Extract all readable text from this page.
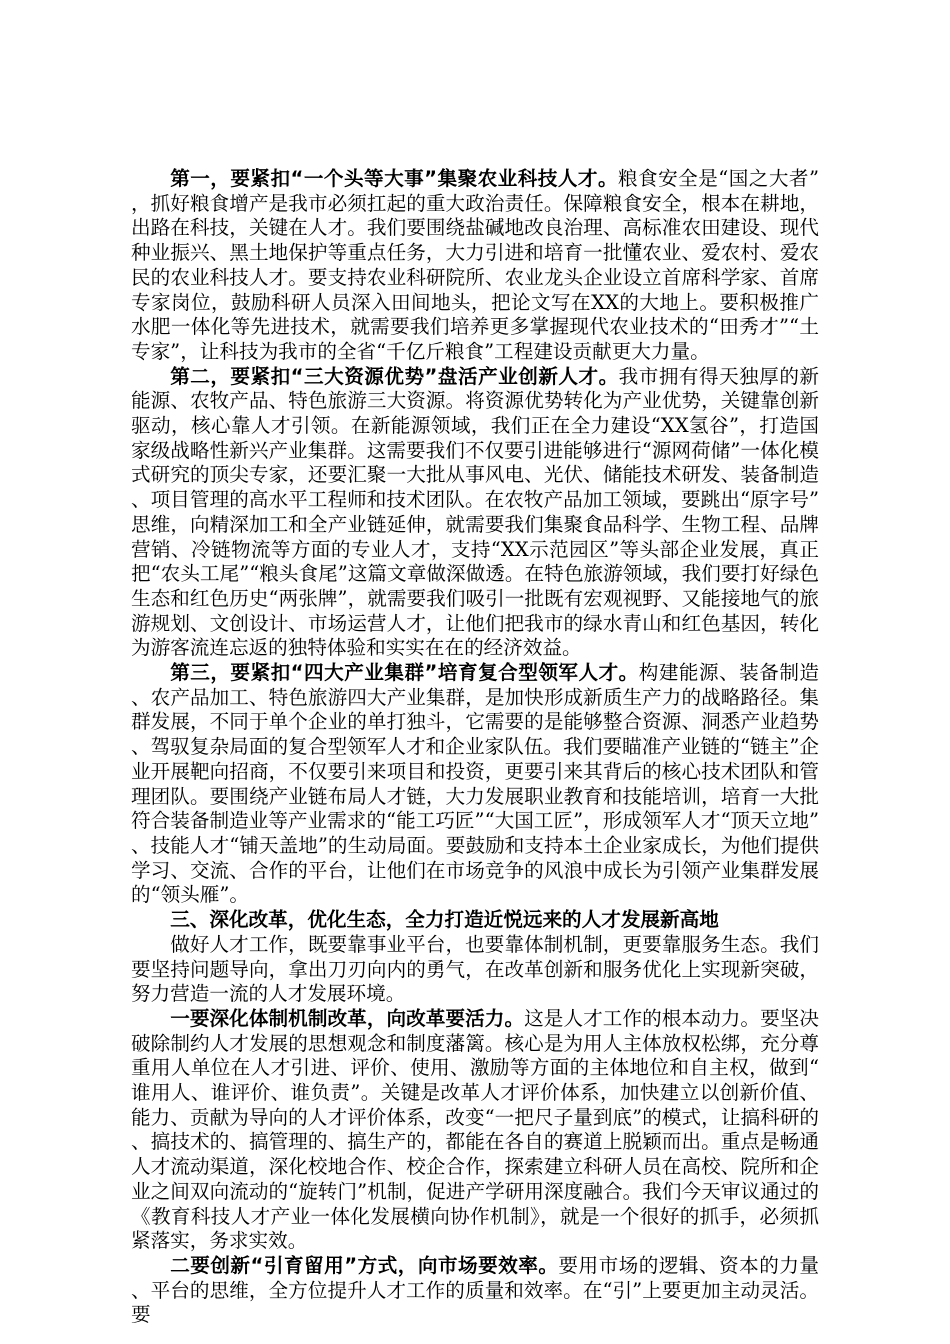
第一，要紧扣“一个头等大事”集聚农业科技人才。粮食安全是“国之大者”，抓好粮食增产是我市必须扛起的重大政治责任。保障粮食安全，根本在耕地，出路在科技，关键在人才。我们要围绕盐碱地改良治理、高标准农田建设、现代种业振兴、黑土地保护等重点任务，大力引进和培育一批懂农业、爱农村、爱农民的农业科技人才。要支持农业科研院所、农业龙头企业设立首席科学家、首席专家岗位，鼓励科研人员深入田间地头，把论文写在XX的大地上。要积极推广水肥一体化等先进技术，就需要我们培养更多掌握现代农业技术的“田秀才”“土专家”，让科技为我市的全省“千亿斤粮食”工程建设贡献更大力量。

第二，要紧扣“三大资源优势”盘活产业创新人才。我市拥有得天独厚的新能源、农牧产品、特色旅游三大资源。将资源优势转化为产业优势，关键靠创新驱动，核心靠人才引领。在新能源领域，我们正在全力建设“XX氢谷”，打造国家级战略性新兴产业集群。这需要我们不仅要引进能够进行“源网荷储”一体化模式研究的顶尖专家，还要汇聚一大批从事风电、光伏、储能技术研发、装备制造、项目管理的高水平工程师和技术团队。在农牧产品加工领域，要跳出“原字号”思维，向精深加工和全产业链延伸，就需要我们集聚食品科学、生物工程、品牌营销、冷链物流等方面的专业人才，支持“XX示范园区”等头部企业发展，真正把“农头工尾”“粮头食尾”这篇文章做深做透。在特色旅游领域，我们要打好绿色生态和红色历史“两张牌”，就需要我们吸引一批既有宏观视野、又能接地气的旅游规划、文创设计、市场运营人才，让他们把我市的绿水青山和红色基因，转化为游客流连忘返的独特体验和实实在在的经济效益。

第三，要紧扣“四大产业集群”培育复合型领军人才。构建能源、装备制造、农产品加工、特色旅游四大产业集群，是加快形成新质生产力的战略路径。集群发展，不同于单个企业的单打独斗，它需要的是能够整合资源、洞悉产业趋势、驾驭复杂局面的复合型领军人才和企业家队伍。我们要瞄准产业链的“链主”企业开展靶向招商，不仅要引来项目和投资，更要引来其背后的核心技术团队和管理团队。要围绕产业链布局人才链，大力发展职业教育和技能培训，培育一大批符合装备制造业等产业需求的“能工巧匠”“大国工匠”，形成领军人才“顶天立地”、技能人才“铺天盖地”的生动局面。要鼓励和支持本土企业家成长，为他们提供学习、交流、合作的平台，让他们在市场竞争的风浪中成长为引领产业集群发展的“领头雁”。

三、深化改革，优化生态，全力打造近悦远来的人才发展新高地

做好人才工作，既要靠事业平台，也要靠体制机制，更要靠服务生态。我们要坚持问题导向，拿出刀刃向内的勇气，在改革创新和服务优化上实现新突破，努力营造一流的人才发展环境。

一要深化体制机制改革，向改革要活力。这是人才工作的根本动力。要坚决破除制约人才发展的思想观念和制度藩篱。核心是为用人主体放权松绑，充分尊重用人单位在人才引进、评价、使用、激励等方面的主体地位和自主权，做到“谁用人、谁评价、谁负责”。关键是改革人才评价体系，加快建立以创新价值、能力、贡献为导向的人才评价体系，改变“一把尺子量到底”的模式，让搞科研的、搞技术的、搞管理的、搞生产的，都能在各自的赛道上脱颖而出。重点是畅通人才流动渠道，深化校地合作、校企合作，探索建立科研人员在高校、院所和企业之间双向流动的“旋转门”机制，促进产学研用深度融合。我们今天审议通过的《教育科技人才产业一体化发展横向协作机制》，就是一个很好的抓手，必须抓紧落实，务求实效。

二要创新“引育留用”方式，向市场要效率。要用市场的逻辑、资本的力量、平台的思维，全方位提升人才工作的质量和效率。在“引”上要更加主动灵活。要
